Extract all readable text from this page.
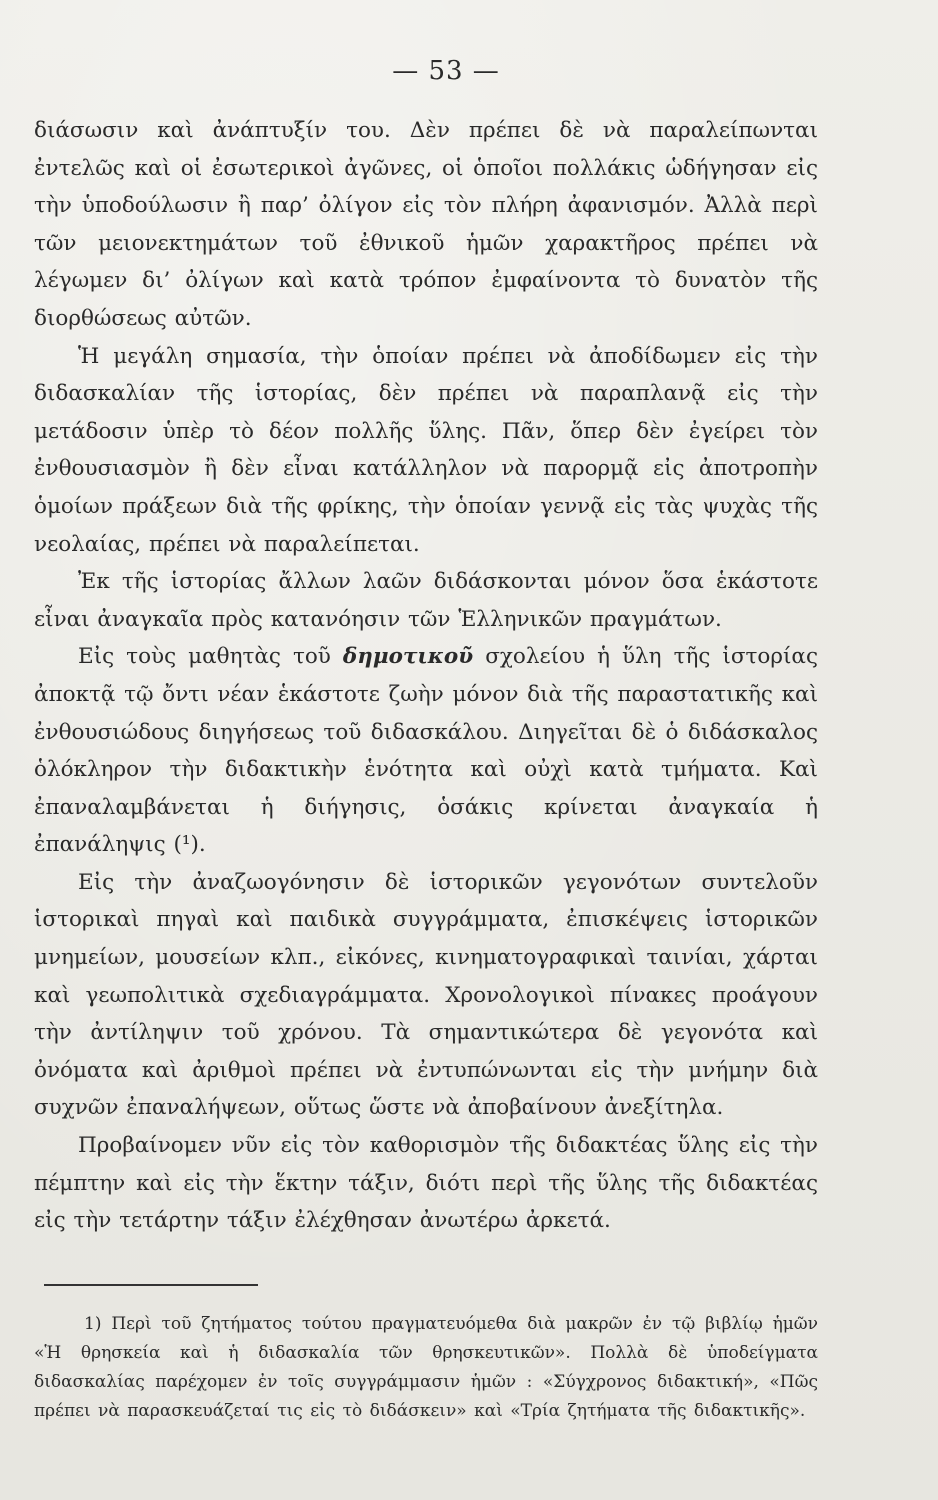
— 53 —

διάσωσιν καὶ ἀνάπτυξίν του. Δὲν πρέπει δὲ νὰ παραλείπωνται ἐντελῶς καὶ οἱ ἐσωτερικοὶ ἀγῶνες, οἱ ὁποῖοι πολλάκις ὡδήγησαν εἰς τὴν ὑποδούλωσιν ἢ παρ’ ὀλίγον εἰς τὸν πλήρη ἀφανισμόν. Ἀλλὰ περὶ τῶν μειονεκτημάτων τοῦ ἐθνικοῦ ἡμῶν χαρακτῆρος πρέπει νὰ λέγωμεν δι’ ὀλίγων καὶ κατὰ τρόπον ἐμφαίνοντα τὸ δυνατὸν τῆς διορθώσεως αὐτῶν.

Ἡ μεγάλη σημασία, τὴν ὁποίαν πρέπει νὰ ἀποδίδωμεν εἰς τὴν διδασκαλίαν τῆς ἱστορίας, δὲν πρέπει νὰ παραπλανᾷ εἰς τὴν μετάδοσιν ὑπὲρ τὸ δέον πολλῆς ὕλης. Πᾶν, ὅπερ δὲν ἐγείρει τὸν ἐνθουσιασμὸν ἢ δὲν εἶναι κατάλληλον νὰ παρορμᾷ εἰς ἀποτροπὴν ὁμοίων πράξεων διὰ τῆς φρίκης, τὴν ὁποίαν γεννᾷ εἰς τὰς ψυχὰς τῆς νεολαίας, πρέπει νὰ παραλείπεται.

Ἐκ τῆς ἱστορίας ἄλλων λαῶν διδάσκονται μόνον ὅσα ἑκάστοτε εἶναι ἀναγκαῖα πρὸς κατανόησιν τῶν Ἑλληνικῶν πραγμάτων.

Εἰς τοὺς μαθητὰς τοῦ δημοτικοῦ σχολείου ἡ ὕλη τῆς ἱστορίας ἀποκτᾷ τῷ ὄντι νέαν ἑκάστοτε ζωὴν μόνον διὰ τῆς παραστατικῆς καὶ ἐνθουσιώδους διηγήσεως τοῦ διδασκάλου. Διηγεῖται δὲ ὁ διδάσκαλος ὁλόκληρον τὴν διδακτικὴν ἑνότητα καὶ οὐχὶ κατὰ τμήματα. Καὶ ἐπαναλαμβάνεται ἡ διήγησις, ὁσάκις κρίνεται ἀναγκαία ἡ ἐπανάληψις (¹).

Εἰς τὴν ἀναζωογόνησιν δὲ ἱστορικῶν γεγονότων συντελοῦν ἱστορικαὶ πηγαὶ καὶ παιδικὰ συγγράμματα, ἐπισκέψεις ἱστορικῶν μνημείων, μουσείων κλπ., εἰκόνες, κινηματογραφικαὶ ταινίαι, χάρται καὶ γεωπολιτικὰ σχεδιαγράμματα. Χρονολογικοὶ πίνακες προάγουν τὴν ἀντίληψιν τοῦ χρόνου. Τὰ σημαντικώτερα δὲ γεγονότα καὶ ὀνόματα καὶ ἀριθμοὶ πρέπει νὰ ἐντυπώνωνται εἰς τὴν μνήμην διὰ συχνῶν ἐπαναλήψεων, οὕτως ὥστε νὰ ἀποβαίνουν ἀνεξίτηλα.

Προβαίνομεν νῦν εἰς τὸν καθορισμὸν τῆς διδακτέας ὕλης εἰς τὴν πέμπτην καὶ εἰς τὴν ἕκτην τάξιν, διότι περὶ τῆς ὕλης τῆς διδακτέας εἰς τὴν τετάρτην τάξιν ἐλέχθησαν ἀνωτέρω ἀρκετά.

1) Περὶ τοῦ ζητήματος τούτου πραγματευόμεθα διὰ μακρῶν ἐν τῷ βιβλίῳ ἡμῶν «Ἡ θρησκεία καὶ ἡ διδασκαλία τῶν θρησκευτικῶν». Πολλὰ δὲ ὑποδείγματα διδασκαλίας παρέχομεν ἐν τοῖς συγγράμμασιν ἡμῶν : «Σύγχρονος διδακτική», «Πῶς πρέπει νὰ παρασκευάζεταί τις εἰς τὸ διδάσκειν» καὶ «Τρία ζητήματα τῆς διδακτικῆς».
